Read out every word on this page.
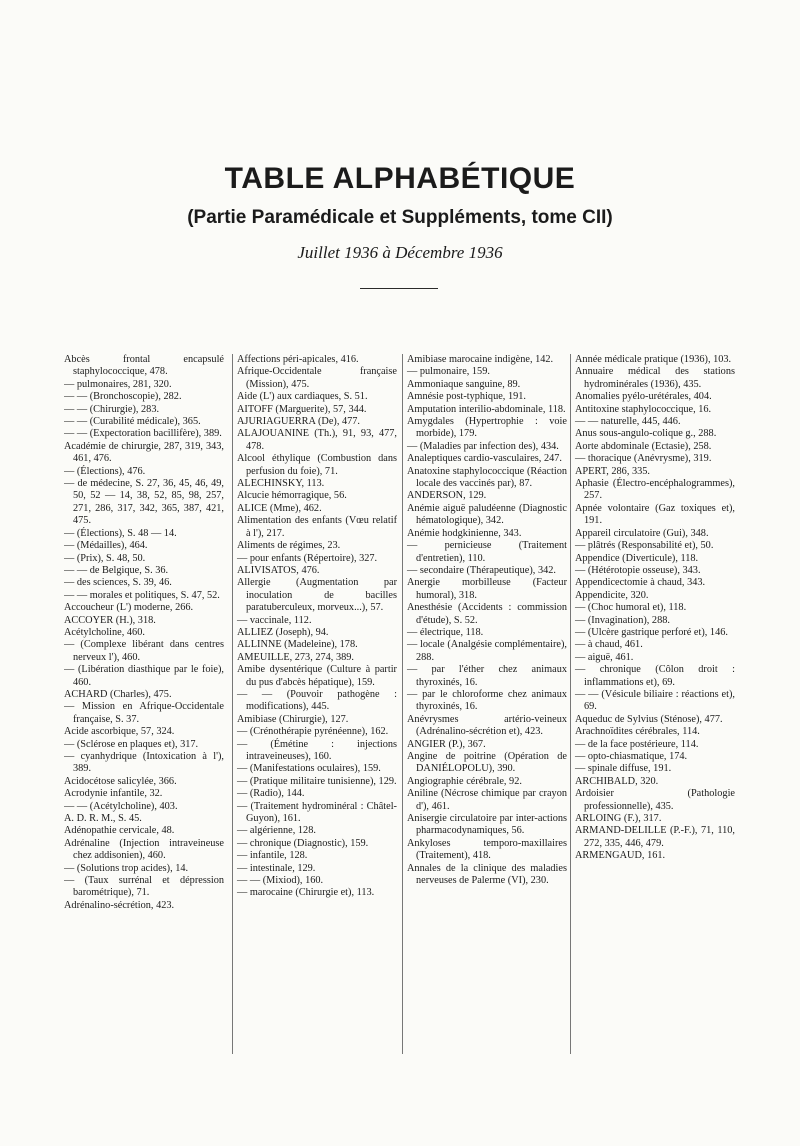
TABLE ALPHABÉTIQUE
(Partie Paramédicale et Suppléments, tome CII)
Juillet 1936 à Décembre 1936
Abcès frontal encapsulé staphylococcique, 478.
— pulmonaires, 281, 320.
— — (Bronchoscopie), 282.
— — (Chirurgie), 283.
— — (Curabilité médicale), 365.
— — (Expectoration bacillifère), 389.
Académie de chirurgie, 287, 319, 343, 461, 476.
— (Élections), 476.
— de médecine, S. 27, 36, 45, 46, 49, 50, 52 — 14, 38, 52, 85, 98, 257, 271, 286, 317, 342, 365, 387, 421, 475.
— (Élections), S. 48 — 14.
— (Médailles), 464.
— (Prix), S. 48, 50.
— — de Belgique, S. 36.
— des sciences, S. 39, 46.
— — morales et politiques, S. 47, 52.
Accoucheur (L') moderne, 266.
ACCOYER (H.), 318.
Acétylcholine, 460.
— (Complexe libérant dans centres nerveux l'), 460.
— (Libération diasthique par le foie), 460.
ACHARD (Charles), 475.
— Mission en Afrique-Occidentale française, S. 37.
Acide ascorbique, 57, 324.
— (Sclérose en plaques et), 317.
— cyanhydrique (Intoxication à l'), 389.
Acidocétose salicylée, 366.
Acrodynie infantile, 32.
— — (Acétylcholine), 403.
A. D. R. M., S. 45.
Adénopathie cervicale, 48.
Adrénaline (Injection intraveineuse chez addisonien), 460.
— (Solutions trop acides), 14.
— (Taux surrénal et dépression barométrique), 71.
Adrénalino-sécrétion, 423.
Affections péri-apicales, 416.
Afrique-Occidentale française (Mission), 475.
Aide (L') aux cardiaques, S. 51.
AITOFF (Marguerite), 57, 344.
AJURIAGUERRA (De), 477.
ALAJOUANINE (Th.), 91, 93, 477, 478.
Alcool éthylique (Combustion dans perfusion du foie), 71.
ALECHINSKY, 113.
Alcucie hémorragique, 56.
ALICE (Mme), 462.
Alimentation des enfants (Vœu relatif à l'), 217.
Aliments de régimes, 23.
— pour enfants (Répertoire), 327.
ALIVISATOS, 476.
Allergie (Augmentation par inoculation de bacilles paratuberculeux, morveux...), 57.
— vaccinale, 112.
ALLIEZ (Joseph), 94.
ALLINNE (Madeleine), 178.
AMEUILLE, 273, 274, 389.
Amibe dysentérique (Culture à partir du pus d'abcès hépatique), 159.
— — (Pouvoir pathogène : modifications), 445.
Amibiase (Chirurgie), 127.
— (Crénothérapie pyrénéenne), 162.
— (Émétine : injections intraveineuses), 160.
— (Manifestations oculaires), 159.
— (Pratique militaire tunisienne), 129.
— (Radio), 144.
— (Traitement hydrominéral : Châtel-Guyon), 161.
— algérienne, 128.
— chronique (Diagnostic), 159.
— infantile, 128.
— intestinale, 129.
— — (Mixiod), 160.
— marocaine (Chirurgie et), 113.
Amibiase marocaine indigène, 142.
— pulmonaire, 159.
Ammoniaque sanguine, 89.
Amnésie post-typhique, 191.
Amputation interilio-abdominale, 118.
Amygdales (Hypertrophie : voie morbide), 179.
— (Maladies par infection des), 434.
Analeptiques cardio-vasculaires, 247.
Anatoxine staphylococcique (Réaction locale des vaccinés par), 87.
ANDERSON, 129.
Anémie aiguë paludéenne (Diagnostic hématologique), 342.
Anémie hodgkinienne, 343.
— pernicieuse (Traitement d'entretien), 110.
— secondaire (Thérapeutique), 342.
Anergie morbilleuse (Facteur humoral), 318.
Anesthésie (Accidents : commission d'étude), S. 52.
— électrique, 118.
— locale (Analgésie complémentaire), 288.
— par l'éther chez animaux thyroxinés, 16.
— par le chloroforme chez animaux thyroxinés, 16.
Anévrysmes artério-veineux (Adrénalino-sécrétion et), 423.
ANGIER (P.), 367.
Angine de poitrine (Opération de DANIÉLOPOLU), 390.
Angiographie cérébrale, 92.
Aniline (Nécrose chimique par crayon d'), 461.
Anisergie circulatoire par inter-actions pharmacodynamiques, 56.
Ankyloses temporo-maxillaires (Traitement), 418.
Annales de la clinique des maladies nerveuses de Palerme (VI), 230.
Année médicale pratique (1936), 103.
Annuaire médical des stations hydrominérales (1936), 435.
Anomalies pyélo-urétérales, 404.
Antitoxine staphylococcique, 16.
— — naturelle, 445, 446.
Anus sous-angulo-colique g., 288.
Aorte abdominale (Ectasie), 258.
— thoracique (Anévrysme), 319.
APERT, 286, 335.
Aphasie (Électro-encéphalogrammes), 257.
Apnée volontaire (Gaz toxiques et), 191.
Appareil circulatoire (Gui), 348.
— plâtrés (Responsabilité et), 50.
Appendice (Diverticule), 118.
— (Hétérotopie osseuse), 343.
Appendicectomie à chaud, 343.
Appendicite, 320.
— (Choc humoral et), 118.
— (Invagination), 288.
— (Ulcère gastrique perforé et), 146.
— à chaud, 461.
— aiguë, 461.
— chronique (Côlon droit : inflammations et), 69.
— — (Vésicule biliaire : réactions et), 69.
Aqueduc de Sylvius (Sténose), 477.
Arachnoïdites cérébrales, 114.
— de la face postérieure, 114.
— opto-chiasmatique, 174.
— spinale diffuse, 191.
ARCHIBALD, 320.
Ardoisier (Pathologie professionnelle), 435.
ARLOING (F.), 317.
ARMAND-DELILLE (P.-F.), 71, 110, 272, 335, 446, 479.
ARMENGAUD, 161.
